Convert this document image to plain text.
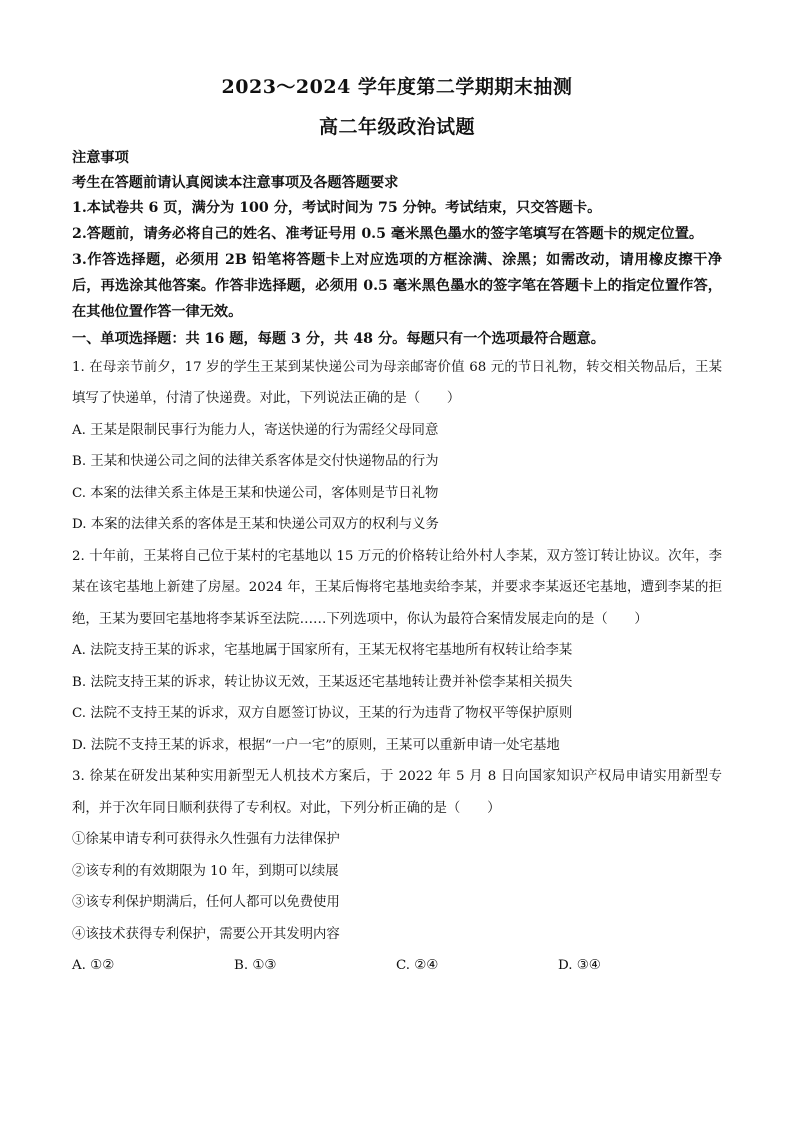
2023～2024 学年度第二学期期末抽测
高二年级政治试题

注意事项

考生在答题前请认真阅读本注意事项及各题答题要求

1.本试卷共 6 页，满分为 100 分，考试时间为 75 分钟。考试结束，只交答题卡。

2.答题前，请务必将自己的姓名、准考证号用 0.5 毫米黑色墨水的签字笔填写在答题卡的规定位置。

3.作答选择题，必须用 2B 铅笔将答题卡上对应选项的方框涂满、涂黑；如需改动，请用橡皮擦干净后，再选涂其他答案。作答非选择题，必须用 0.5 毫米黑色墨水的签字笔在答题卡上的指定位置作答，在其他位置作答一律无效。

一、单项选择题：共 16 题，每题 3 分，共 48 分。每题只有一个选项最符合题意。

1. 在母亲节前夕，17 岁的学生王某到某快递公司为母亲邮寄价值 68 元的节日礼物，转交相关物品后，王某填写了快递单，付清了快递费。对此，下列说法正确的是（　　）

A. 王某是限制民事行为能力人，寄送快递的行为需经父母同意

B. 王某和快递公司之间的法律关系客体是交付快递物品的行为

C. 本案的法律关系主体是王某和快递公司，客体则是节日礼物

D. 本案的法律关系的客体是王某和快递公司双方的权利与义务

2. 十年前，王某将自己位于某村的宅基地以 15 万元的价格转让给外村人李某，双方签订转让协议。次年，李某在该宅基地上新建了房屋。2024 年，王某后悔将宅基地卖给李某，并要求李某返还宅基地，遭到李某的拒绝，王某为要回宅基地将李某诉至法院……下列选项中，你认为最符合案情发展走向的是（　　）

A. 法院支持王某的诉求，宅基地属于国家所有，王某无权将宅基地所有权转让给李某

B. 法院支持王某的诉求，转让协议无效，王某返还宅基地转让费并补偿李某相关损失

C. 法院不支持王某的诉求，双方自愿签订协议，王某的行为违背了物权平等保护原则

D. 法院不支持王某的诉求，根据“一户一宅”的原则，王某可以重新申请一处宅基地

3. 徐某在研发出某种实用新型无人机技术方案后，于 2022 年 5 月 8 日向国家知识产权局申请实用新型专利，并于次年同日顺利获得了专利权。对此，下列分析正确的是（　　）

①徐某申请专利可获得永久性强有力法律保护

②该专利的有效期限为 10 年，到期可以续展

③该专利保护期满后，任何人都可以免费使用

④该技术获得专利保护，需要公开其发明内容

A. ①②	B. ①③	C. ②④	D. ③④
